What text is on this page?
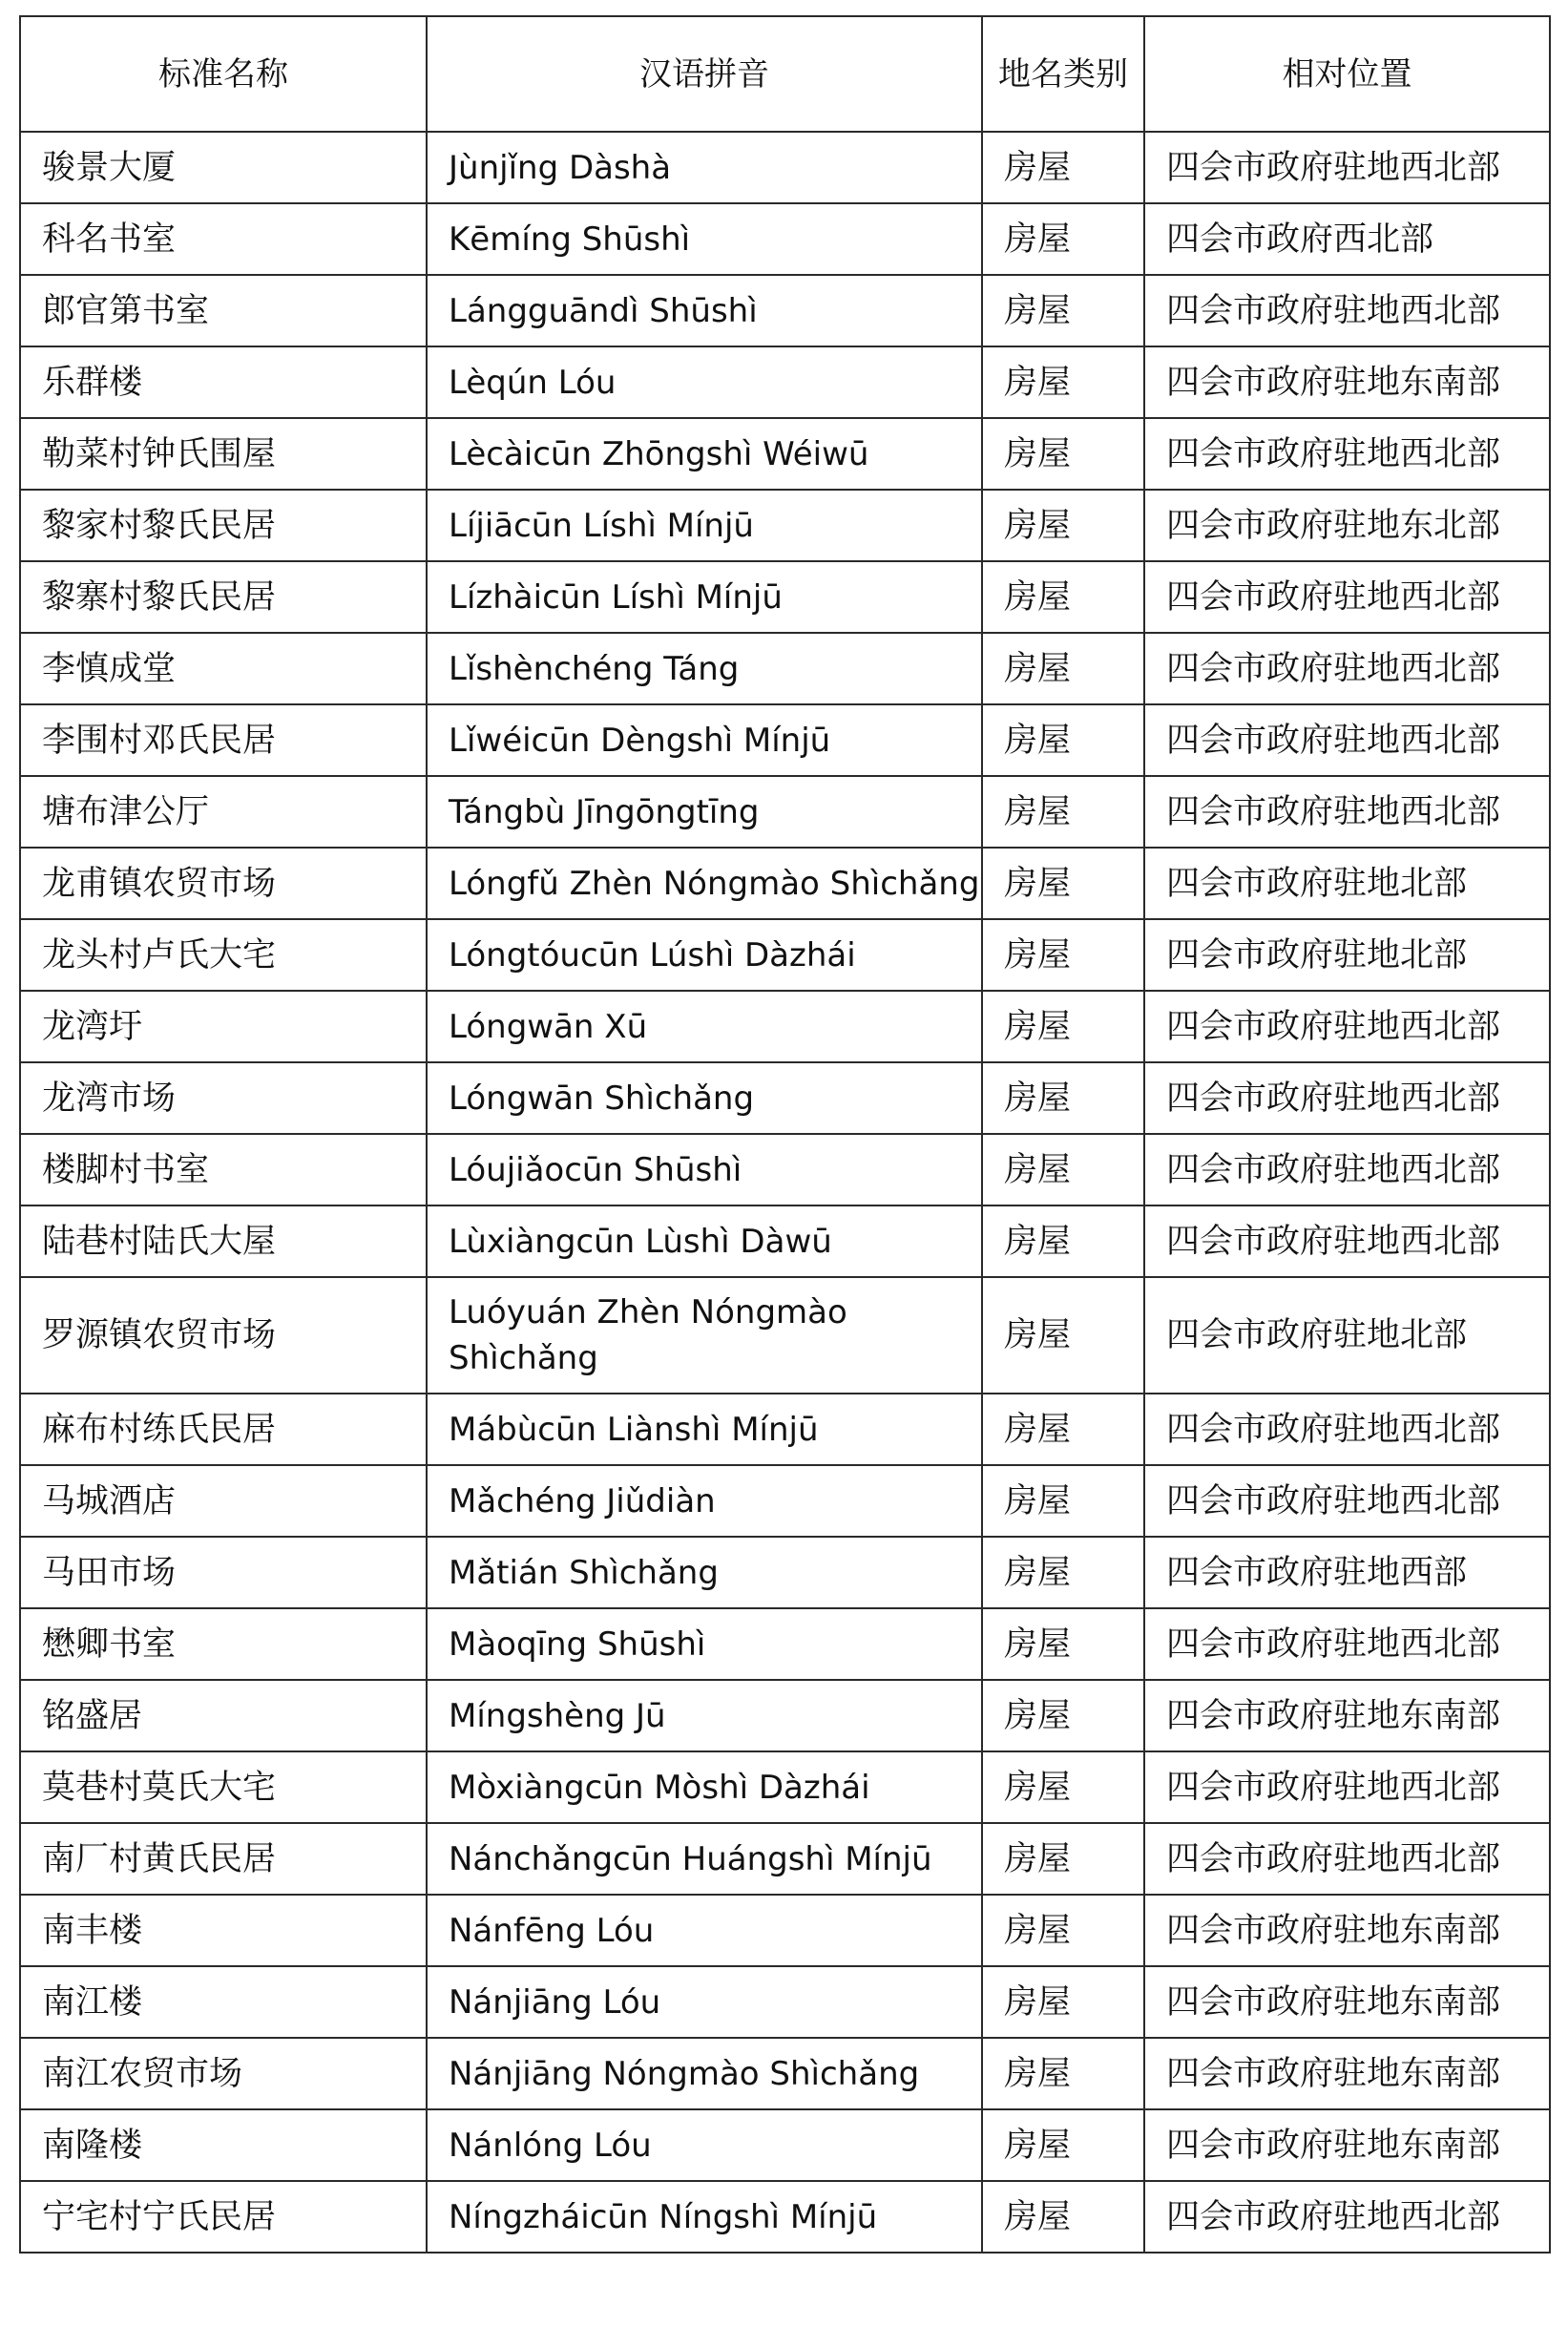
标准名称	汉语拼音	地名类别	相对位置
骏景大厦	Jùnjǐng Dàshà	房屋	四会市政府驻地西北部
科名书室	Kēmíng Shūshì	房屋	四会市政府西北部
郎官第书室	Lángguāndì Shūshì	房屋	四会市政府驻地西北部
乐群楼	Lèqún Lóu	房屋	四会市政府驻地东南部
勒菜村钟氏围屋	Lècàicūn Zhōngshì Wéiwū	房屋	四会市政府驻地西北部
黎家村黎氏民居	Líjiācūn Líshì Mínjū	房屋	四会市政府驻地东北部
黎寨村黎氏民居	Lízhàicūn Líshì Mínjū	房屋	四会市政府驻地西北部
李慎成堂	Lǐshènchéng Táng	房屋	四会市政府驻地西北部
李围村邓氏民居	Lǐwéicūn Dèngshì Mínjū	房屋	四会市政府驻地西北部
塘布津公厅	Tángbù Jīngōngtīng	房屋	四会市政府驻地西北部
龙甫镇农贸市场	Lóngfǔ Zhèn Nóngmào Shìchǎng	房屋	四会市政府驻地北部
龙头村卢氏大宅	Lóngtóucūn Lúshì Dàzhái	房屋	四会市政府驻地北部
龙湾圩	Lóngwān Xū	房屋	四会市政府驻地西北部
龙湾市场	Lóngwān Shìchǎng	房屋	四会市政府驻地西北部
楼脚村书室	Lóujiǎocūn Shūshì	房屋	四会市政府驻地西北部
陆巷村陆氏大屋	Lùxiàngcūn Lùshì Dàwū	房屋	四会市政府驻地西北部
罗源镇农贸市场	Luóyuán Zhèn Nóngmào Shìchǎng	房屋	四会市政府驻地北部
麻布村练氏民居	Mábùcūn Liànshì Mínjū	房屋	四会市政府驻地西北部
马城酒店	Mǎchéng Jiǔdiàn	房屋	四会市政府驻地西北部
马田市场	Mǎtián Shìchǎng	房屋	四会市政府驻地西部
懋卿书室	Màoqīng Shūshì	房屋	四会市政府驻地西北部
铭盛居	Míngshèng Jū	房屋	四会市政府驻地东南部
莫巷村莫氏大宅	Mòxiàngcūn Mòshì Dàzhái	房屋	四会市政府驻地西北部
南厂村黄氏民居	Nánchǎngcūn Huángshì Mínjū	房屋	四会市政府驻地西北部
南丰楼	Nánfēng Lóu	房屋	四会市政府驻地东南部
南江楼	Nánjiāng Lóu	房屋	四会市政府驻地东南部
南江农贸市场	Nánjiāng Nóngmào Shìchǎng	房屋	四会市政府驻地东南部
南隆楼	Nánlóng Lóu	房屋	四会市政府驻地东南部
宁宅村宁氏民居	Níngzháicūn Níngshì Mínjū	房屋	四会市政府驻地西北部
